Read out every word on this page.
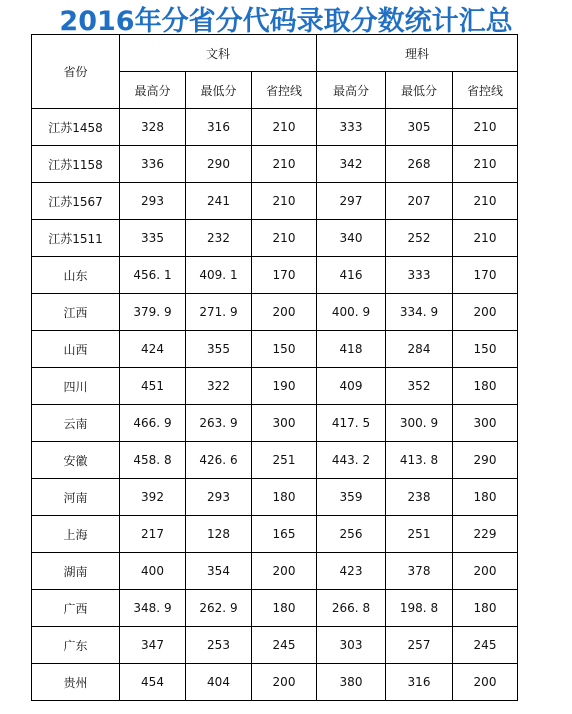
2016年分省分代码录取分数统计汇总
省份	文科			理科		
	最高分	最低分	省控线	最高分	最低分	省控线
江苏1458	328	316	210	333	305	210
江苏1158	336	290	210	342	268	210
江苏1567	293	241	210	297	207	210
江苏1511	335	232	210	340	252	210
山东	456. 1	409. 1	170	416	333	170
江西	379. 9	271. 9	200	400. 9	334. 9	200
山西	424	355	150	418	284	150
四川	451	322	190	409	352	180
云南	466. 9	263. 9	300	417. 5	300. 9	300
安徽	458. 8	426. 6	251	443. 2	413. 8	290
河南	392	293	180	359	238	180
上海	217	128	165	256	251	229
湖南	400	354	200	423	378	200
广西	348. 9	262. 9	180	266. 8	198. 8	180
广东	347	253	245	303	257	245
贵州	454	404	200	380	316	200
